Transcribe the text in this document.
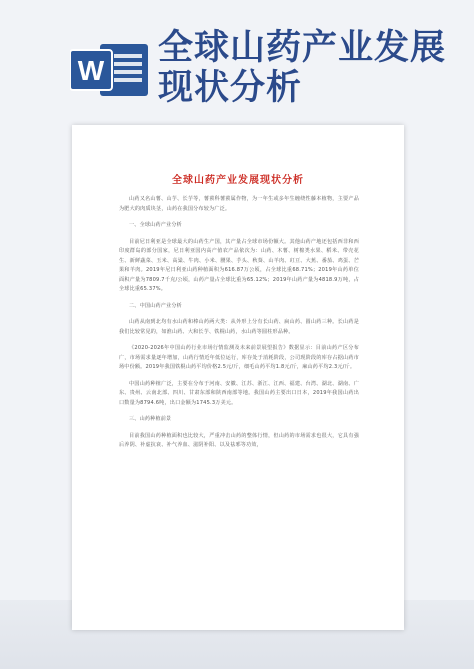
W
全球山药产业发展
现状分析
全球山药产业发展现状分析
山药又名山薯、山芋、长芋等，薯蓣科薯蓣属作物，为一年生或多年生缠绕性藤本植物，主要产品为肥大的肉质块茎，山药在我国分布较为广泛。
一、全球山药产业分析
目前尼日利亚是全球最大的山药生产国，其产量占全球市场份额大。其他山药产地还包括西非和西印度群岛的部分国家，尼日利亚国内高产值农产品依次为：山药、木薯、树棉类水果、稻米、带壳花生、新鲜蔬菜、玉米、高粱、牛肉、小米、腰果、芋头、秋葵、山羊肉、豇豆、大蕉、番茄、鸡蛋、芒果和羊肉。2019年尼日利亚山药种植面积为616.87万公顷，占全球比重68.71%；2019年山药单位面积产量为7809.7千克/公顷，山药产量占全球比重为65.12%；2019年山药产量为4818.9万吨，占全球比重65.37%。
二、中国山药产业分析
山药从南到北均有水山药和棒山药两大类：从外形上分有长山药、扁山药、圆山药三种。长山药是我们比较常见的，如淮山药、大和长芋、铁棍山药，水山药等圆柱形品种。
《2020-2026年中国山药行业市场行情监测及未来前景展望报告》数据显示：目前山药产区分布广，市场需求量逐年增加，山药行情近年低位运行，库存处于消耗阶段，公司现阶段的库存占据山药市场中份额。2019年我国铁棍山药平均价格2.5元/斤，细毛山药平均1.8元/斤，麻山药平均2.3元/斤。
中国山药种植广泛，主要在分布于河南、安徽、江苏、浙江、江西、福建、台湾、湖北、湖南、广东、贵州、云南北部、四川、甘肃东部和陕西南部等地。我国山药主要出口日本，2019年我国山药出口数量为8794.6吨，出口金额为1745.3万美元。
三、山药种植前景
目前我国山药种植面积也比较大，严重冲击山药的整体行情，但山药的市场需求也很大，它具有强后养阴、补虚抗衰、补气养血、滋阴补阳、以及祛邪等功效，
